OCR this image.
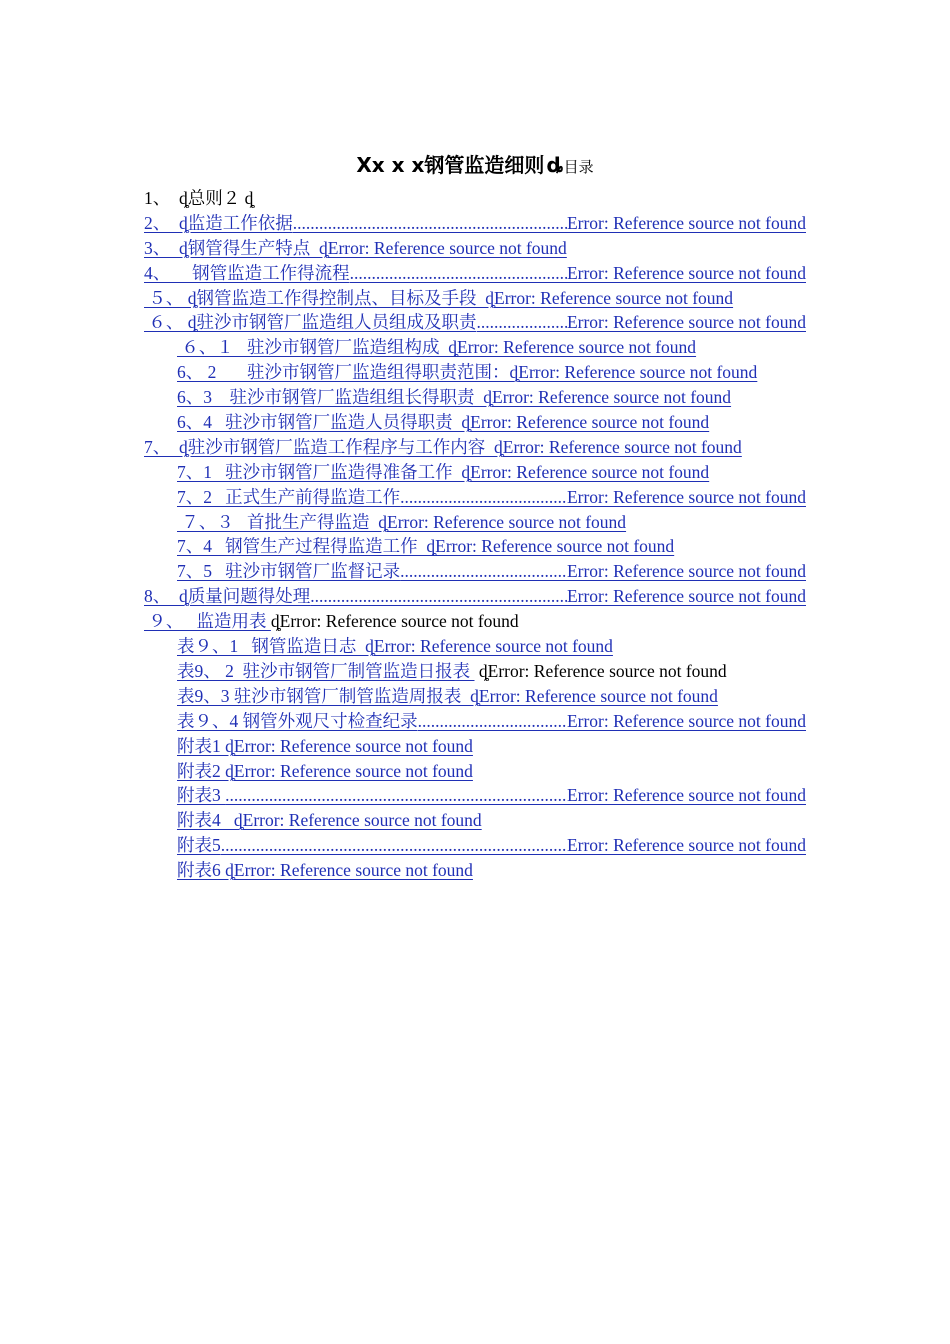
Xx x x钢管监造细则 ȡ目录
1、  ȡ总则２ ȡ
2、  ȡ监造工作依据 .....	Error: Reference source not found
3、  ȡ钢管得生产特点  ȡError: Reference source not found
4、     钢管监造工作得流程 .....	Error: Reference source not found
５、 ȡ钢管监造工作得控制点、目标及手段  ȡError: Reference source not found
６、 ȡ驻沙市钢管厂监造组人员组成及职责 .....	Error: Reference source not found
６、１   驻沙市钢管厂监造组构成  ȡError: Reference source not found
6、 2       驻沙市钢管厂监造组得职责范围：ȡError: Reference source not found
6、3    驻沙市钢管厂监造组组长得职责  ȡError: Reference source not found
6、4   驻沙市钢管厂监造人员得职责  ȡError: Reference source not found
7、  ȡ驻沙市钢管厂监造工作程序与工作内容  ȡError: Reference source not found
7、1   驻沙市钢管厂监造得准备工作  ȡError: Reference source not found
7、2   正式生产前得监造工作 .....	Error: Reference source not found
７、３   首批生产得监造  ȡError: Reference source not found
7、4   钢管生产过程得监造工作  ȡError: Reference source not found
7、5   驻沙市钢管厂监督记录 .....	Error: Reference source not found
8、  ȡ质量问题得处理 .....	Error: Reference source not found
９、   监造用表 ȡError: Reference source not found
表９、1   钢管监造日志  ȡError: Reference source not found
表9、 2  驻沙市钢管厂制管监造日报表  ȡError: Reference source not found
表9、3 驻沙市钢管厂制管监造周报表  ȡError: Reference source not found
表９、4 钢管外观尺寸检查纪录 .....	Error: Reference source not found
附表1 ȡError: Reference source not found
附表2 ȡError: Reference source not found
附表3 .....	Error: Reference source not found
附表4   ȡError: Reference source not found
附表5 .....	Error: Reference source not found
附表6 ȡError: Reference source not found
